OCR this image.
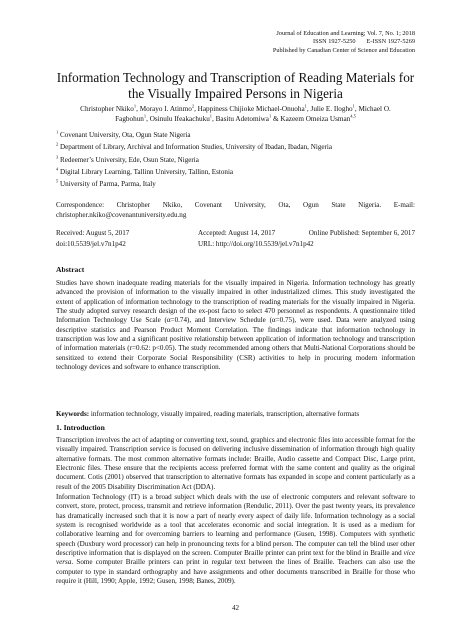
Journal of Education and Learning; Vol. 7, No. 1; 2018
ISSN 1927-5250       E-ISSN 1927-5269
Published by Canadian Center of Science and Education
Information Technology and Transcription of Reading Materials for the Visually Impaired Persons in Nigeria
Christopher Nkiko$^1$, Morayo I. Atinmo$^2$, Happiness Chijioke Michael-Onuoha$^1$, Julie E. Ilogho$^1$, Michael O. Fagbohun$^1$, Osinulu Ifeakachuku$^1$, Basitu Adetomiwa$^1$ & Kazeem Omeiza Usman$^{4,5}$
$^1$ Covenant University, Ota, Ogun State Nigeria
$^2$ Department of Library, Archival and Information Studies, University of Ibadan, Ibadan, Nigeria
$^3$ Redeemer’s University, Ede, Osun State, Nigeria
$^4$ Digital Library Learning, Tallinn University, Tallinn, Estonia
$^5$ University of Parma, Parma, Italy
Correspondence: Christopher Nkiko, Covenant University, Ota, Ogun State Nigeria. E-mail: christopher.nkiko@covenantuniversity.edu.ng
Received: August 5, 2017	Accepted: August 14, 2017	Online Published: September 6, 2017
doi:10.5539/jel.v7n1p42	URL: http://doi.org/10.5539/jel.v7n1p42
Abstract

Studies have shown inadequate reading materials for the visually impaired in Nigeria. Information technology has greatly advanced the provision of information to the visually impaired in other industrialized climes. This study investigated the extent of application of information technology to the transcription of reading materials for the visually impaired in Nigeria. The study adopted survey research design of the ex-post facto to select 470 personnel as respondents. A questionnaire titled Information Technology Use Scale (α=0.74), and Interview Schedule (α=0.75), were used. Data were analyzed using descriptive statistics and Pearson Product Moment Correlation. The findings indicate that information technology in transcription was low and a significant positive relationship between application of information technology and transcription of information materials (r=0.62: p<0.05). The study recommended among others that Multi-National Corporations should be sensitized to extend their Corporate Social Responsibility (CSR) activities to help in procuring modern information technology devices and software to enhance transcription.

Keywords: information technology, visually impaired, reading materials, transcription, alternative formats

1. Introduction

Transcription involves the act of adapting or converting text, sound, graphics and electronic files into accessible format for the visually impaired. Transcription service is focused on delivering inclusive dissemination of information through high quality alternative formats. The most common alternative formats include: Braille, Audio cassette and Compact Disc, Large print, Electronic files. These ensure that the recipients access preferred format with the same content and quality as the original document. Cotis (2001) observed that transcription to alternative formats has expanded in scope and content particularly as a result of the 2005 Disability Discrimination Act (DDA).

Information Technology (IT) is a broad subject which deals with the use of electronic computers and relevant software to convert, store, protect, process, transmit and retrieve information (Rendulic, 2011). Over the past twenty years, its prevalence has dramatically increased such that it is now a part of nearly every aspect of daily life. Information technology as a social system is recognised worldwide as a tool that accelerates economic and social integration. It is used as a medium for collaborative learning and for overcoming barriers to learning and performance (Gusen, 1998). Computers with synthetic speech (Duxbury word processor) can help in pronouncing texts for a blind person. The computer can tell the blind user other descriptive information that is displayed on the screen. Computer Braille printer can print text for the blind in Braille and vice versa. Some computer Braille printers can print in regular text between the lines of Braille. Teachers can also use the computer to type in standard orthography and have assignments and other documents transcribed in Braille for those who require it (Hill, 1990; Apple, 1992; Gusen, 1998; Banes, 2009).

42
